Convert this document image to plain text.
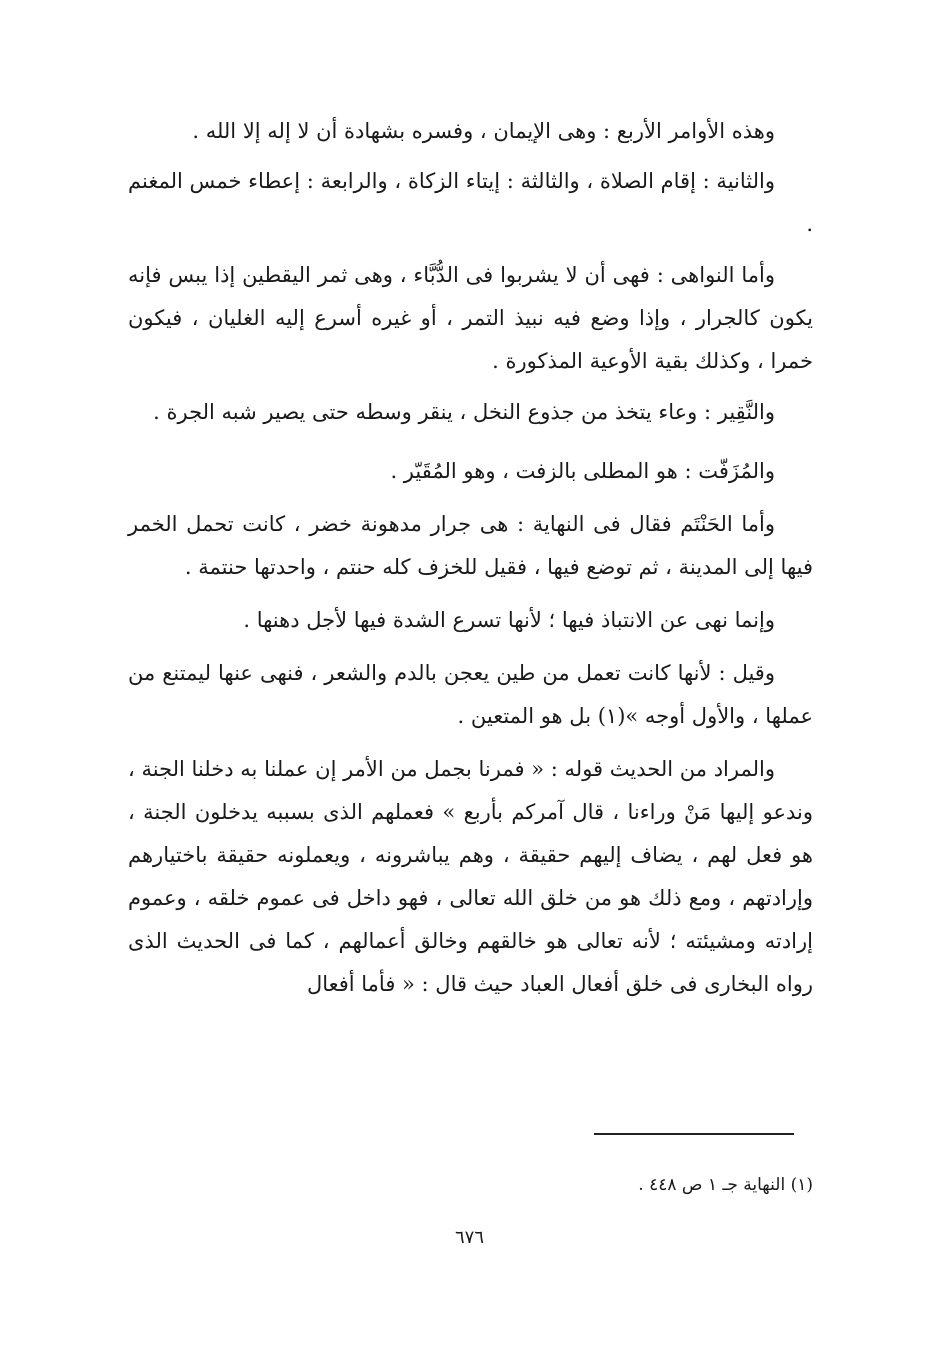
وهذه الأوامر الأربع : وهى الإيمان ، وفسره بشهادة أن لا إله إلا الله .

والثانية : إقام الصلاة ، والثالثة : إيتاء الزكاة ، والرابعة : إعطاء خمس المغنم .

وأما النواهى : فهى أن لا يشربوا فى الدُّبَّاء ، وهى ثمر اليقطين إذا يبس فإنه يكون كالجرار ، وإذا وضع فيه نبيذ التمر ، أو غيره أسرع إليه الغليان ، فيكون خمرا ، وكذلك بقية الأوعية المذكورة .

والنَّقِير : وعاء يتخذ من جذوع النخل ، ينقر وسطه حتى يصير شبه الجرة .

والمُزَفّت : هو المطلى بالزفت ، وهو المُقَيّر .

وأما الحَنْتَم فقال فى النهاية : هى جرار مدهونة خضر ، كانت تحمل الخمر فيها إلى المدينة ، ثم توضع فيها ، فقيل للخزف كله حنتم ، واحدتها حنتمة .

وإنما نهى عن الانتباذ فيها ؛ لأنها تسرع الشدة فيها لأجل دهنها .

وقيل : لأنها كانت تعمل من طين يعجن بالدم والشعر ، فنهى عنها ليمتنع من عملها ، والأول أوجه »(١) بل هو المتعين .

والمراد من الحديث قوله : « فمرنا بجمل من الأمر إن عملنا به دخلنا الجنة ، وندعو إليها مَنْ وراءنا ، قال آمركم بأربع » فعملهم الذى بسببه يدخلون الجنة ، هو فعل لهم ، يضاف إليهم حقيقة ، وهم يباشرونه ، ويعملونه حقيقة باختيارهم وإرادتهم ، ومع ذلك هو من خلق الله تعالى ، فهو داخل فى عموم خلقه ، وعموم إرادته ومشيئته ؛ لأنه تعالى هو خالقهم وخالق أعمالهم ، كما فى الحديث الذى رواه البخارى فى خلق أفعال العباد حيث قال : « فأما أفعال

(١) النهاية جـ ١ ص ٤٤٨ .

٦٧٦
